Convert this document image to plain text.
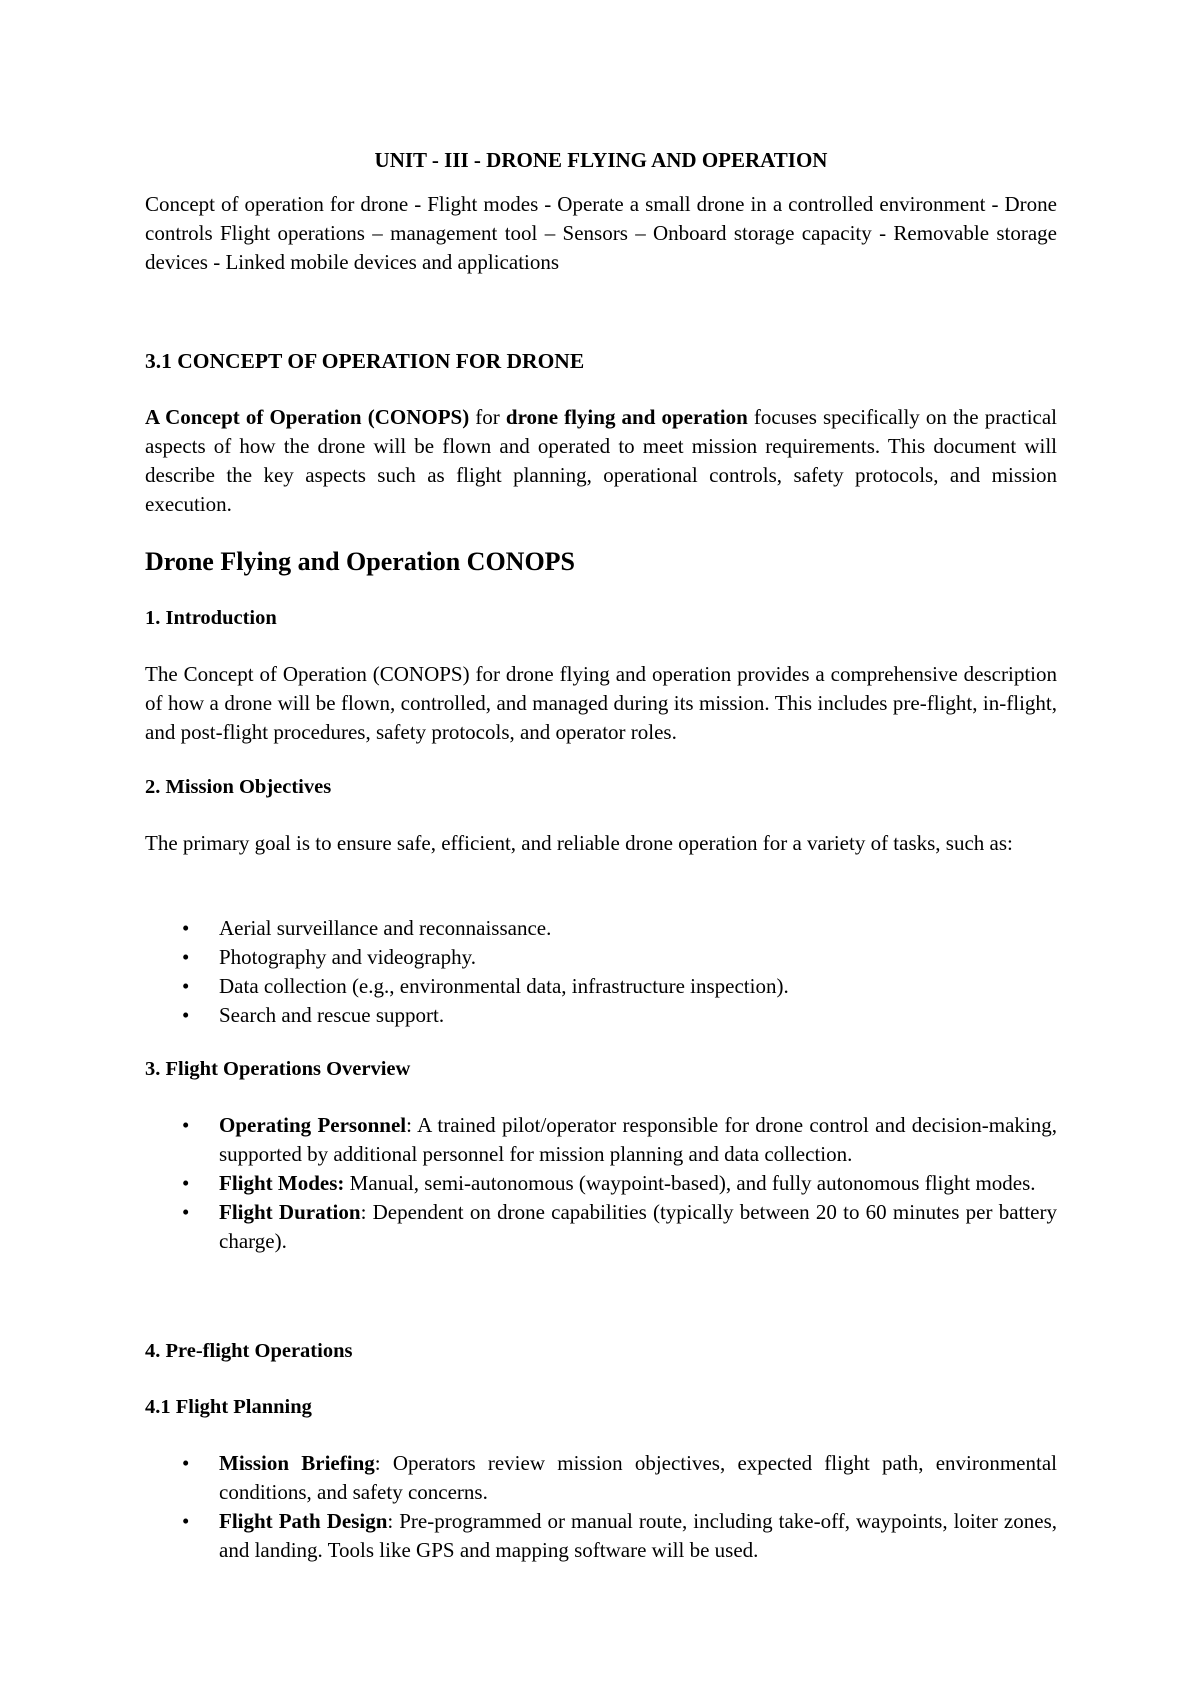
UNIT - III - DRONE FLYING AND OPERATION
Concept of operation for drone - Flight modes - Operate a small drone in a controlled environment - Drone controls Flight operations – management tool – Sensors – Onboard storage capacity - Removable storage devices - Linked mobile devices and applications
3.1 CONCEPT OF OPERATION FOR DRONE
A Concept of Operation (CONOPS) for drone flying and operation focuses specifically on the practical aspects of how the drone will be flown and operated to meet mission requirements. This document will describe the key aspects such as flight planning, operational controls, safety protocols, and mission execution.
Drone Flying and Operation CONOPS
1. Introduction
The Concept of Operation (CONOPS) for drone flying and operation provides a comprehensive description of how a drone will be flown, controlled, and managed during its mission. This includes pre-flight, in-flight, and post-flight procedures, safety protocols, and operator roles.
2. Mission Objectives
The primary goal is to ensure safe, efficient, and reliable drone operation for a variety of tasks, such as:
• Aerial surveillance and reconnaissance.
• Photography and videography.
• Data collection (e.g., environmental data, infrastructure inspection).
• Search and rescue support.
3. Flight Operations Overview
• Operating Personnel: A trained pilot/operator responsible for drone control and decision-making, supported by additional personnel for mission planning and data collection.
• Flight Modes: Manual, semi-autonomous (waypoint-based), and fully autonomous flight modes.
• Flight Duration: Dependent on drone capabilities (typically between 20 to 60 minutes per battery charge).
4. Pre-flight Operations
4.1 Flight Planning
• Mission Briefing: Operators review mission objectives, expected flight path, environmental conditions, and safety concerns.
• Flight Path Design: Pre-programmed or manual route, including take-off, waypoints, loiter zones, and landing. Tools like GPS and mapping software will be used.
